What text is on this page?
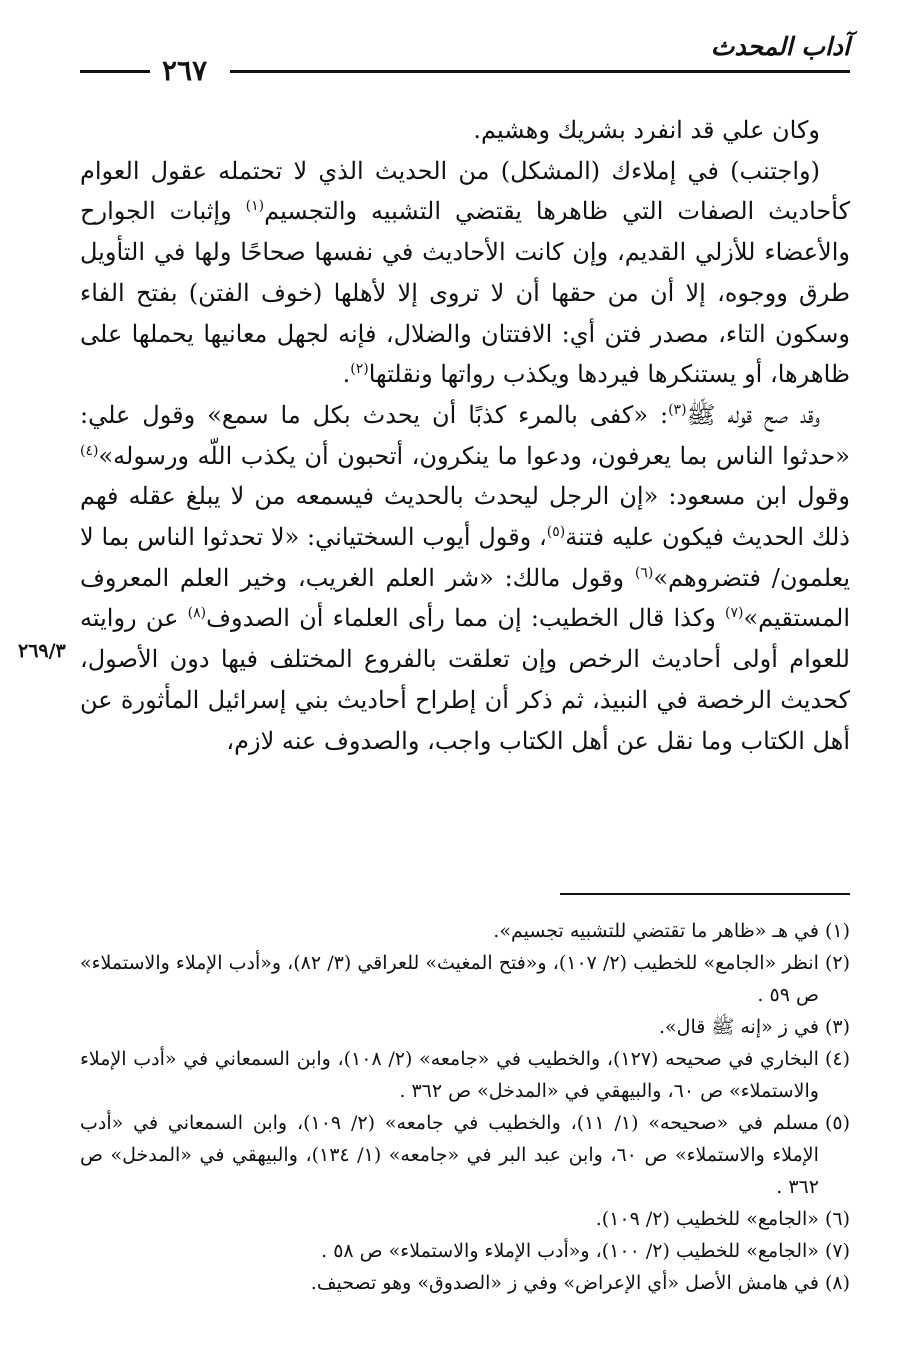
٢٦٧
آداب المحدث
٢٦٩/٣

وكان علي قد انفرد بشريك وهشيم.

(واجتنب) في إملاءك (المشكل) من الحديث الذي لا تحتمله عقول العوام كأحاديث الصفات التي ظاهرها يقتضي التشبيه والتجسيم$^{(١)}$ وإثبات الجوارح والأعضاء للأزلي القديم، وإن كانت الأحاديث في نفسها صحاحًا ولها في التأويل طرق ووجوه، إلا أن من حقها أن لا تروى إلا لأهلها (خوف الفتن) بفتح الفاء وسكون التاء، مصدر فتن أي: الافتتان والضلال، فإنه لجهل معانيها يحملها على ظاهرها، أو يستنكرها فيردها ويكذب رواتها ونقلتها$^{(٢)}$.

وقد صح قوله ﷺ$^{(٣)}$: «كفى بالمرء كذبًا أن يحدث بكل ما سمع» وقول علي: «حدثوا الناس بما يعرفون، ودعوا ما ينكرون، أتحبون أن يكذب اللّه ورسوله»$^{(٤)}$ وقول ابن مسعود: «إن الرجل ليحدث بالحديث فيسمعه من لا يبلغ عقله فهم ذلك الحديث فيكون عليه فتنة$^{(٥)}$، وقول أيوب السختياني: «لا تحدثوا الناس بما لا يعلمون/ فتضروهم»$^{(٦)}$ وقول مالك: «شر العلم الغريب، وخير العلم المعروف المستقيم»$^{(٧)}$ وكذا قال الخطيب: إن مما رأى العلماء أن الصدوف$^{(٨)}$ عن روايته للعوام أولى أحاديث الرخص وإن تعلقت بالفروع المختلف فيها دون الأصول، كحديث الرخصة في النبيذ، ثم ذكر أن إطراح أحاديث بني إسرائيل المأثورة عن أهل الكتاب وما نقل عن أهل الكتاب واجب، والصدوف عنه لازم،

(١)
في هـ «ظاهر ما تقتضي للتشبيه تجسيم».
(٢)
انظر «الجامع» للخطيب (٢/ ١٠٧)، و«فتح المغيث» للعراقي (٣/ ٨٢)، و«أدب الإملاء والاستملاء» ص ٥٩ .
(٣)
في ز «إنه ﷺ قال».
(٤)
البخاري في صحيحه (١٢٧)، والخطيب في «جامعه» (٢/ ١٠٨)، وابن السمعاني في «أدب الإملاء والاستملاء» ص ٦٠، والبيهقي في «المدخل» ص ٣٦٢ .
(٥)
مسلم في «صحيحه» (١/ ١١)، والخطيب في جامعه» (٢/ ١٠٩)، وابن السمعاني في «أدب الإملاء والاستملاء» ص ٦٠، وابن عبد البر في «جامعه» (١/ ١٣٤)، والبيهقي في «المدخل» ص ٣٦٢ .
(٦)
«الجامع» للخطيب (٢/ ١٠٩).
(٧)
«الجامع» للخطيب (٢/ ١٠٠)، و«أدب الإملاء والاستملاء» ص ٥٨ .
(٨)
في هامش الأصل «أي الإعراض» وفي ز «الصدوق» وهو تصحيف.
